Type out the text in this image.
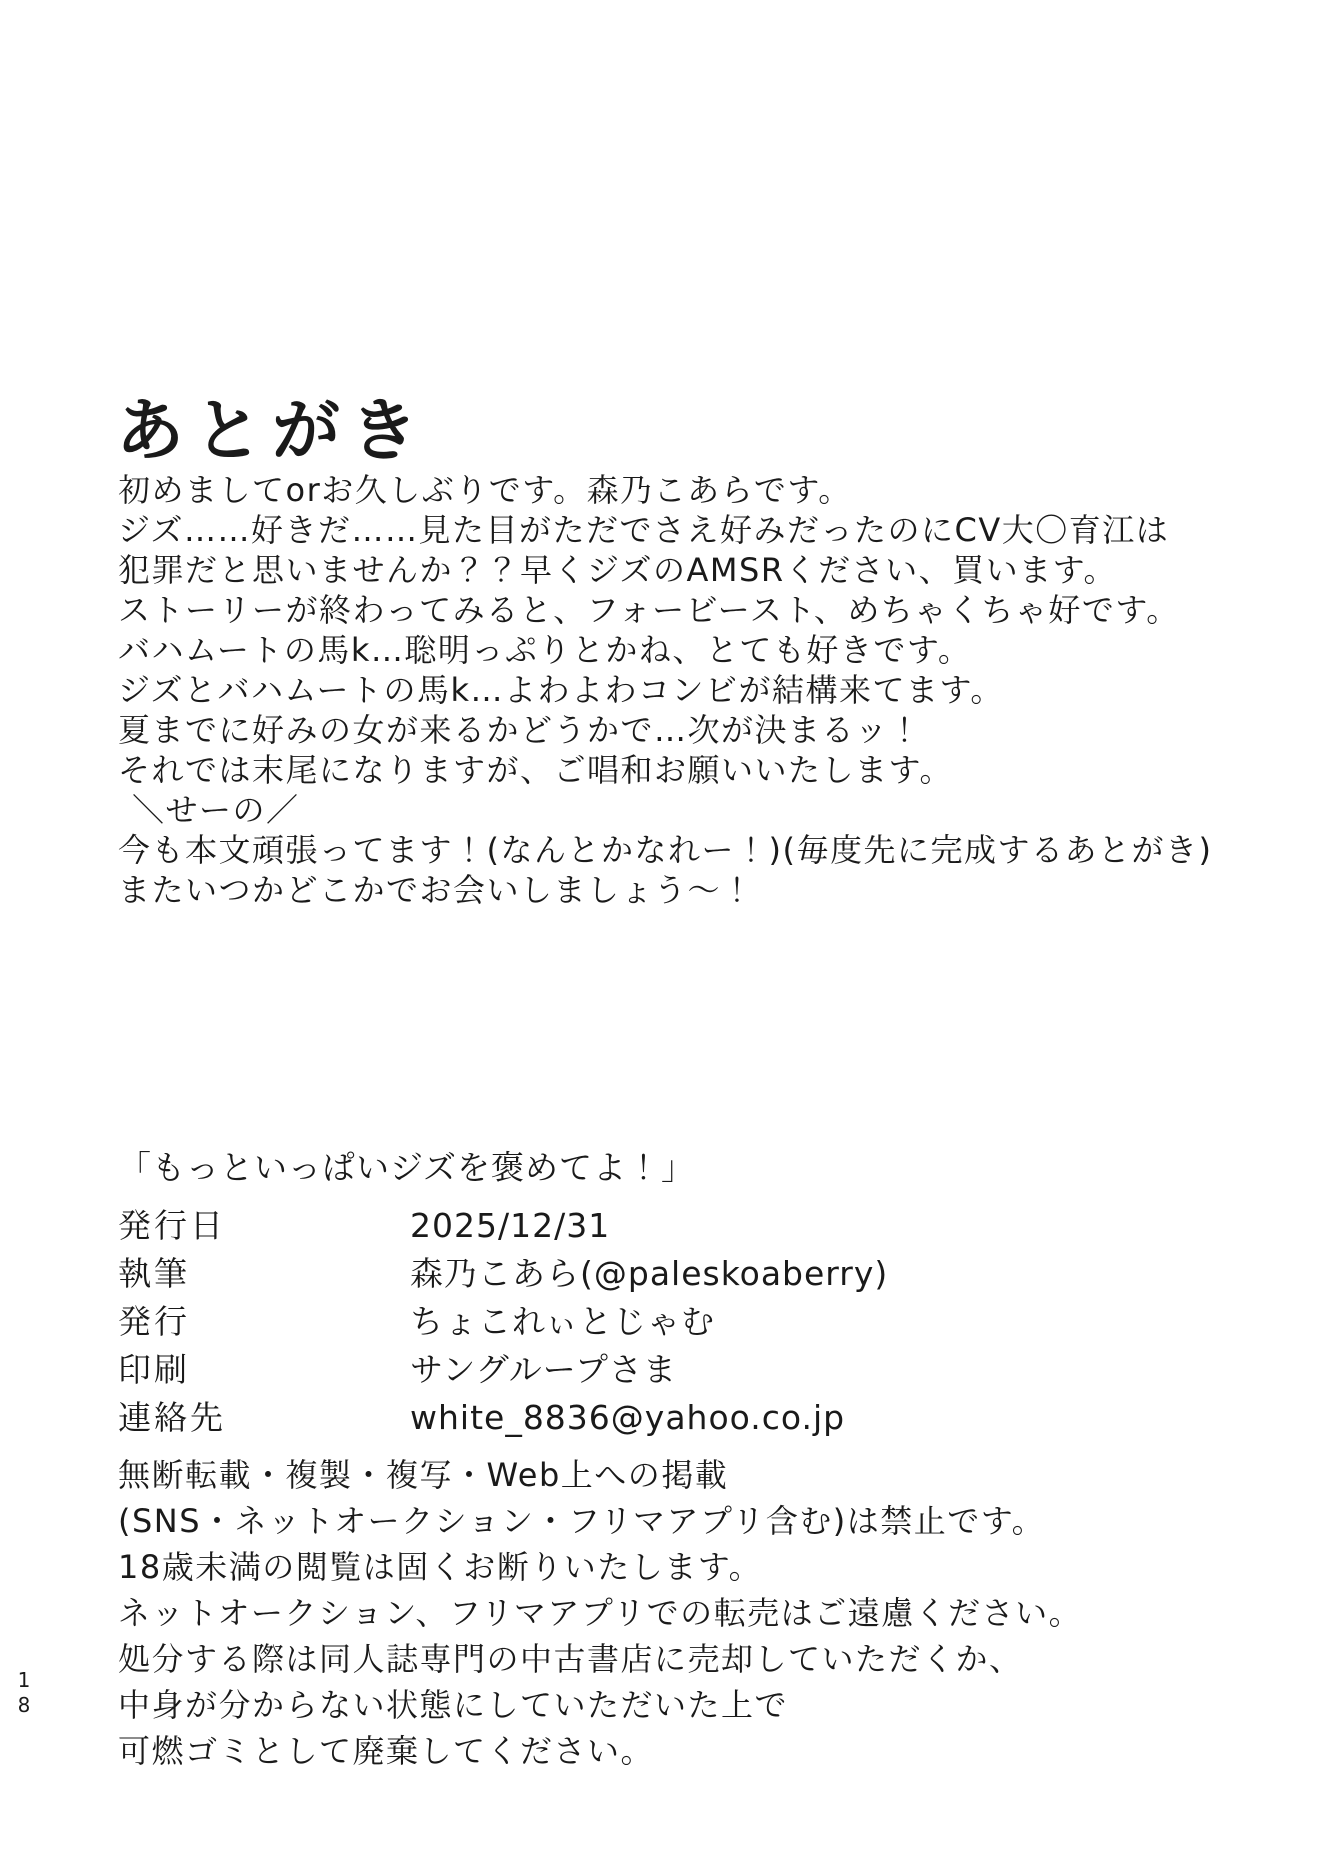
あとがき
初めましてorお久しぶりです。森乃こあらです。
ジズ……好きだ……見た目がただでさえ好みだったのにCV大〇育江は
犯罪だと思いませんか？？早くジズのAMSRください、買います。
ストーリーが終わってみると、フォービースト、めちゃくちゃ好です。
バハムートの馬k…聡明っぷりとかね、とても好きです。
ジズとバハムートの馬k…よわよわコンビが結構来てます。
夏までに好みの女が来るかどうかで…次が決まるッ！
それでは末尾になりますが、ご唱和お願いいたします。
＼せーの／
今も本文頑張ってます！(なんとかなれー！)(毎度先に完成するあとがき)
またいつかどこかでお会いしましょう～！
「もっといっぱいジズを褒めてよ！」
発行日	2025/12/31
執筆	森乃こあら(@paleskoaberry)
発行	ちょこれぃとじゃむ
印刷	サングループさま
連絡先	white_8836@yahoo.co.jp
無断転載・複製・複写・Web上への掲載
(SNS・ネットオークション・フリマアプリ含む)は禁止です。
18歳未満の閲覧は固くお断りいたします。
ネットオークション、フリマアプリでの転売はご遠慮ください。
処分する際は同人誌専門の中古書店に売却していただくか、
中身が分からない状態にしていただいた上で
可燃ゴミとして廃棄してください。
18
